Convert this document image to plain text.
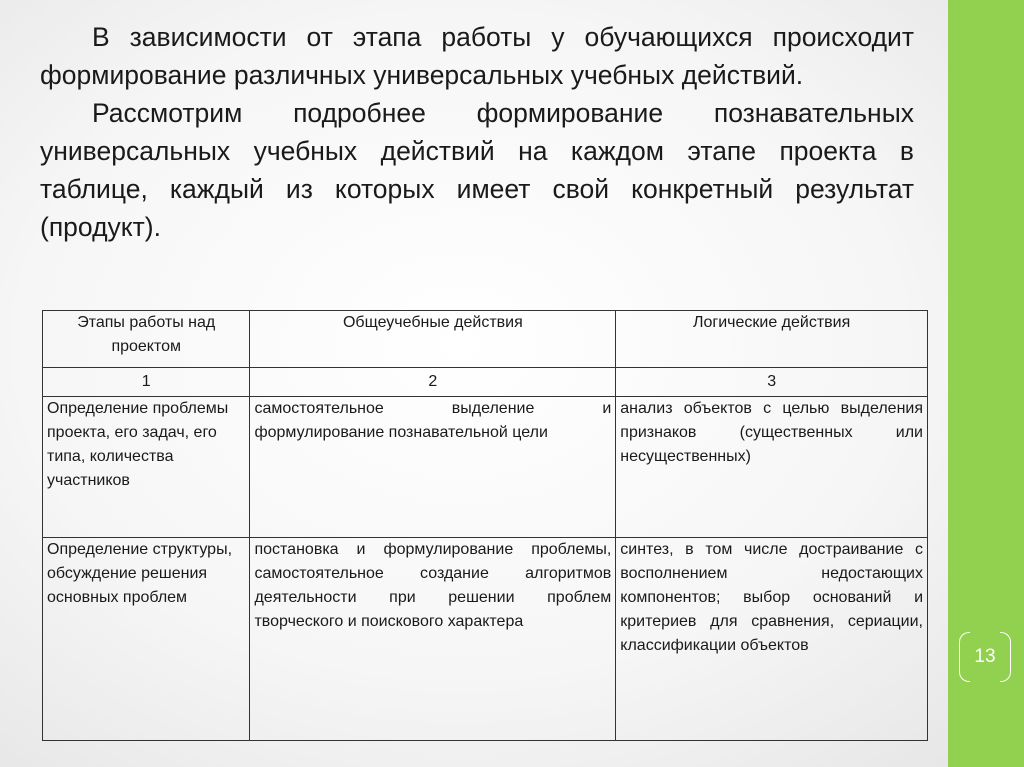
В зависимости от этапа работы у обучающихся происходит формирование различных универсальных учебных действий.

Рассмотрим подробнее формирование познавательных универсальных учебных действий на каждом этапе проекта в таблице, каждый из которых имеет свой конкретный результат (продукт).

Этапы работы над проектом	Общеучебные действия	Логические действия
1	2	3
Определение проблемы проекта, его задач, его типа, количества участников	самостоятельное выделение и формулирование познавательной цели	анализ объектов с целью выделения признаков (существенных или несущественных)
Определение структуры, обсуждение решения основных проблем	постановка и формулирование проблемы, самостоятельное создание алгоритмов деятельности при решении проблем творческого и поискового характера	синтез, в том числе достраивание с восполнением недостающих компонентов; выбор оснований и критериев для сравнения, сериации, классификации объектов
13
